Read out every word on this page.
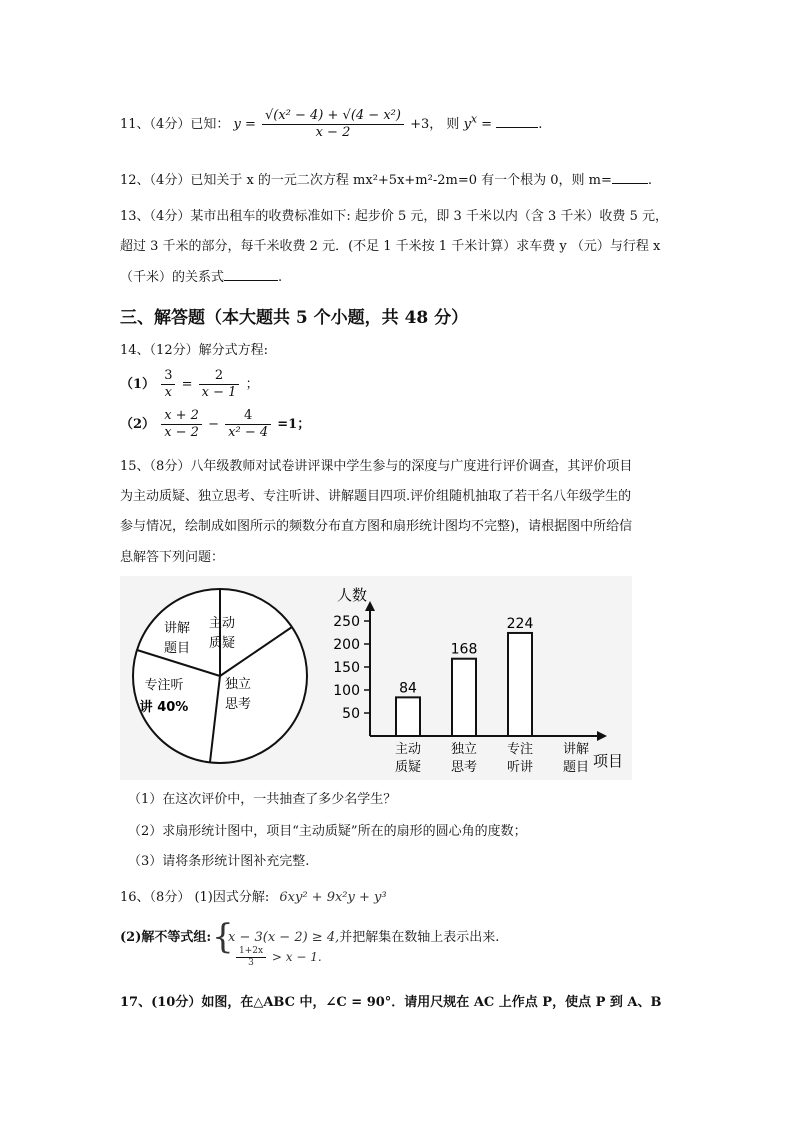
11、（4分）已知： $y = \frac{\text{√(x² − 4) + √(4 − x²)}}{x - 2} +3$， 则 $y^x$ =	.
12、（4分）已知关于 x 的一元二次方程 mx²+5x+m²-2m=0 有一个根为 0，则 m=	.
13、（4分）某市出租车的收费标准如下: 起步价 5 元，即 3 千米以内（含 3 千米）收费 5 元，
超过 3 千米的部分，每千米收费 2 元．(不足 1 千米按 1 千米计算）求车费 y （元）与行程 x
（千米）的关系式	.
三、解答题（本大题共 5 个小题，共 48 分）
14、（12分）解分式方程:
$(1) \frac{3}{x} = \frac{2}{x - 1}$ ；
$(2) \frac{x + 2}{x - 2} - \frac{4}{\text{x² − 4}} =1$；
15、（8分）八年级教师对试卷讲评课中学生参与的深度与广度进行评价调查，其评价项目
为主动质疑、独立思考、专注听讲、讲解题目四项.评价组随机抽取了若干名八年级学生的
参与情况，绘制成如图所示的频数分布直方图和扇形统计图均不完整)，请根据图中所给信
息解答下列问题：
讲解
题目
主动
质疑
独立
思考
专注听
讲 40%
人数
项目
250
200
150
100
50
84
主动
质疑
168
独立
思考
224
专注
听讲
讲解
题目
（1）在这次评价中，一共抽查了多少名学生？
（2）求扇形统计图中，项目“主动质疑”所在的扇形的圆心角的度数；
（3）请将条形统计图补充完整.
16、（8分） (1)因式分解: 6xy² + 9x²y + y³
(2)解不等式组: {
x − 3(x − 2) ≥ 4,并把解集在数轴上表示出来.
$\frac{1+2x}{3} > x - 1$.
17、(10分）如图，在△ABC 中，∠C = 90°．请用尺规在 AC 上作点 P，使点 P 到 A、B
